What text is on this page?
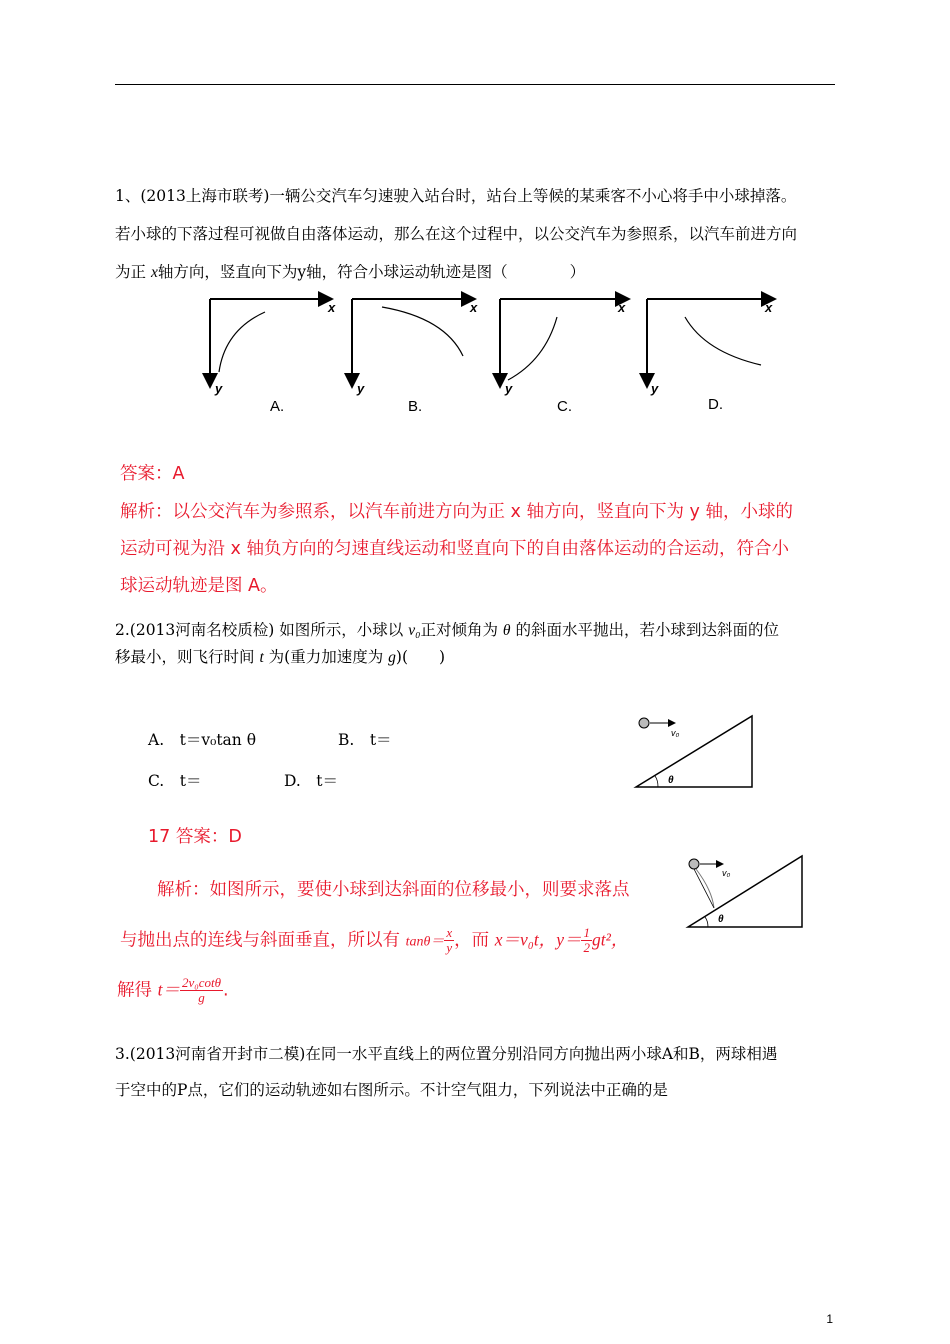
1、(2013上海市联考)一辆公交汽车匀速驶入站台时，站台上等候的某乘客不小心将手中小球掉落。
若小球的下落过程可视做自由落体运动，那么在这个过程中，以公交汽车为参照系，以汽车前进方向
为正 x轴方向，竖直向下为y轴，符合小球运动轨迹是图（　　　　）
x
y
A.
x
y
B.
x
y
C.
x
y
D.
答案：A
解析：以公交汽车为参照系，以汽车前进方向为正 x 轴方向，竖直向下为 y 轴，小球的
运动可视为沿 x 轴负方向的匀速直线运动和竖直向下的自由落体运动的合运动，符合小
球运动轨迹是图 A。
2.(2013河南名校质检) 如图所示，小球以 v₀正对倾角为 θ 的斜面水平抛出，若小球到达斜面的位
移最小，则飞行时间 t 为(重力加速度为 g)(　　)
A.　t＝v₀tan θ	B.　t＝
C.　t＝	D.　t＝
v₀
θ
17 答案：D
解析：如图所示，要使小球到达斜面的位移最小，则要求落点
与抛出点的连线与斜面垂直，所以有 $\tan\theta= \frac{x}{y}$，而 x＝v₀t，$y= \frac{1}{2}gt^2$，
解得 $t= \frac{\text{2v₀cotθ}}{g}$.
v₀
θ
3.(2013河南省开封市二模)在同一水平直线上的两位置分别沿同方向抛出两小球A和B，两球相遇
于空中的P点，它们的运动轨迹如右图所示。不计空气阻力，下列说法中正确的是
1
